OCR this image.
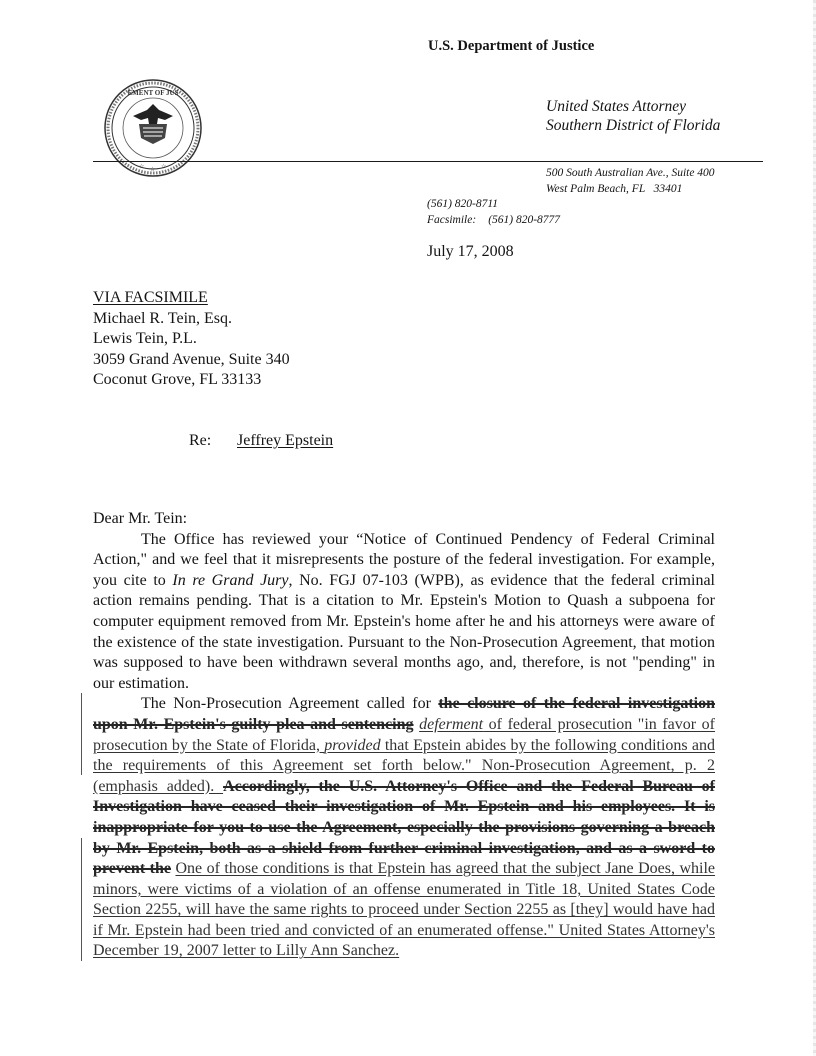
U.S. Department of Justice
EMENT OF JUS
☆ ☆ ☆
United States Attorney
Southern District of Florida
500 South Australian Ave., Suite 400
West Palm Beach, FL   33401
(561) 820-8711
Facsimile: (561) 820-8777
July 17, 2008
VIA FACSIMILE
Michael R. Tein, Esq.
Lewis Tein, P.L.
3059 Grand Avenue, Suite 340
Coconut Grove, FL 33133
Re: Jeffrey Epstein

Dear Mr. Tein:

The Office has reviewed your “Notice of Continued Pendency of Federal Criminal Action," and we feel that it misrepresents the posture of the federal investigation. For example, you cite to In re Grand Jury, No. FGJ 07-103 (WPB), as evidence that the federal criminal action remains pending. That is a citation to Mr. Epstein's Motion to Quash a subpoena for computer equipment removed from Mr. Epstein's home after he and his attorneys were aware of the existence of the state investigation. Pursuant to the Non-Prosecution Agreement, that motion was supposed to have been withdrawn several months ago, and, therefore, is not "pending" in our estimation.

The Non-Prosecution Agreement called for the closure of the federal investigation upon Mr. Epstein's guilty plea and sentencing deferment of federal prosecution "in favor of prosecution by the State of Florida, provided that Epstein abides by the following conditions and the requirements of this Agreement set forth below." Non-Prosecution Agreement, p. 2 (emphasis added). Accordingly, the U.S. Attorney's Office and the Federal Bureau of Investigation have ceased their investigation of Mr. Epstein and his employees. It is inappropriate for you to use the Agreement, especially the provisions governing a breach by Mr. Epstein, both as a shield from further criminal investigation, and as a sword to prevent the One of those conditions is that Epstein has agreed that the subject Jane Does, while minors, were victims of a violation of an offense enumerated in Title 18, United States Code Section 2255, will have the same rights to proceed under Section 2255 as [they] would have had if Mr. Epstein had been tried and convicted of an enumerated offense." United States Attorney's December 19, 2007 letter to Lilly Ann Sanchez.
